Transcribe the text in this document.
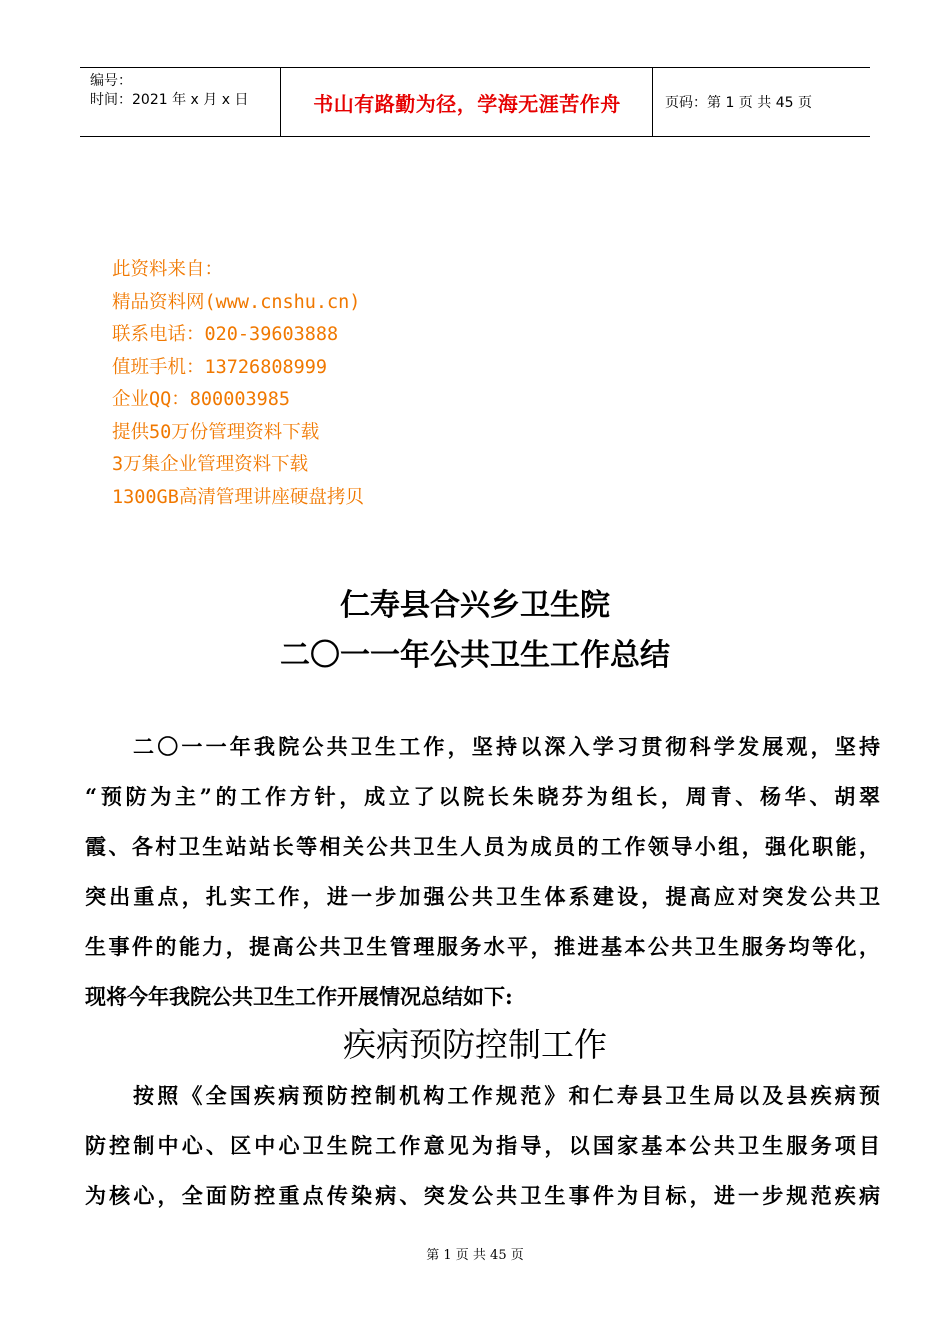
编号：
时间：2021 年 x 月 x 日	书山有路勤为径，学海无涯苦作舟	页码：第 1 页 共 45 页
此资料来自：
精品资料网(www.cnshu.cn)
联系电话：020-39603888
值班手机：13726808999
企业QQ：800003985
提供50万份管理资料下载
3万集企业管理资料下载
1300GB高清管理讲座硬盘拷贝
仁寿县合兴乡卫生院
二〇一一年公共卫生工作总结
二〇一一年我院公共卫生工作，坚持以深入学习贯彻科学发展观，坚持
“预防为主”的工作方针，成立了以院长朱晓芬为组长，周青、杨华、胡翠
霞、各村卫生站站长等相关公共卫生人员为成员的工作领导小组，强化职能，
突出重点，扎实工作，进一步加强公共卫生体系建设，提高应对突发公共卫
生事件的能力，提高公共卫生管理服务水平，推进基本公共卫生服务均等化，
现将今年我院公共卫生工作开展情况总结如下:
疾病预防控制工作
按照《全国疾病预防控制机构工作规范》和仁寿县卫生局以及县疾病预
防控制中心、区中心卫生院工作意见为指导，以国家基本公共卫生服务项目
为核心，全面防控重点传染病、突发公共卫生事件为目标，进一步规范疾病
第 1 页 共 45 页
